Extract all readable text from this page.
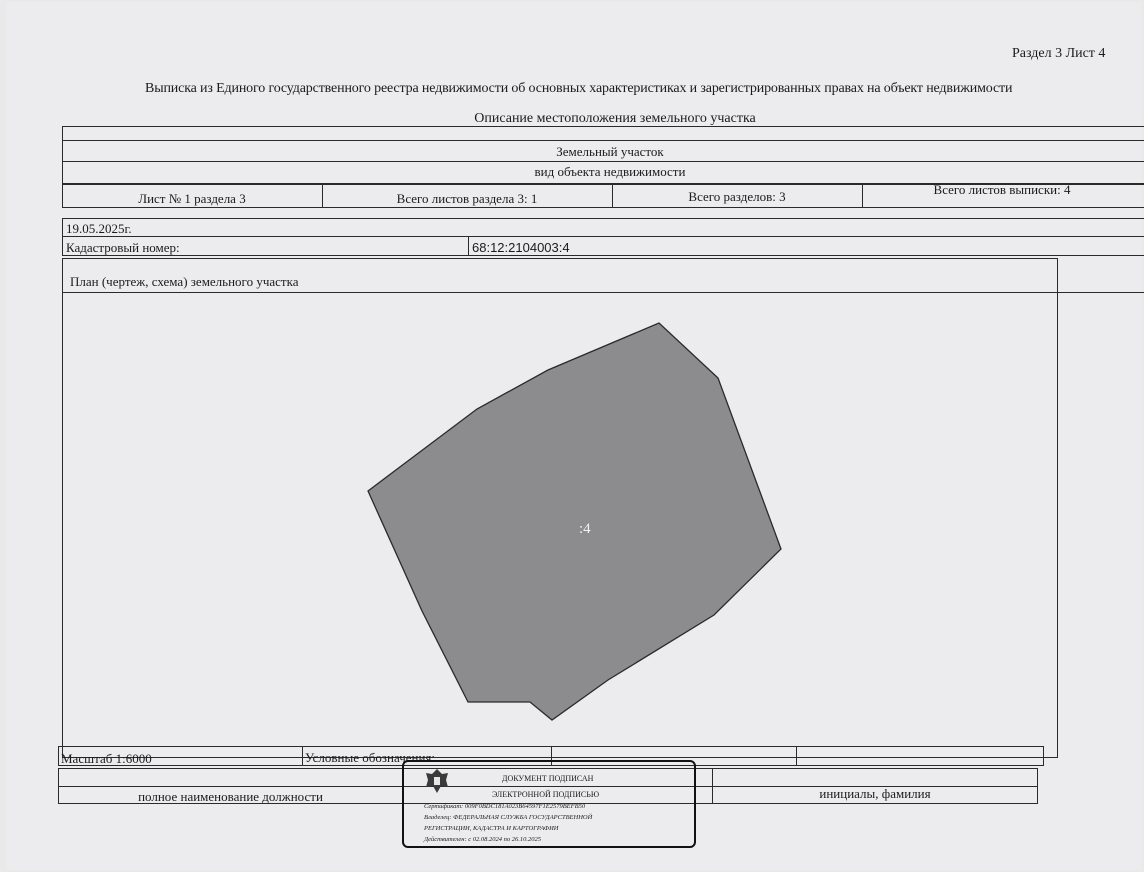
Раздел 3 Лист 4
Выписка из Единого государственного реестра недвижимости об основных характеристиках и зарегистрированных правах на объект недвижимости
Описание местоположения земельного участка
Земельный участок
вид объекта недвижимости
Лист № 1 раздела 3	Всего листов раздела 3: 1	Всего разделов: 3	Всего листов выписки: 4
19.05.2025г.
Кадастровый номер:	68:12:2104003:4
План (чертеж, схема) земельного участка
:4
Масштаб 1:6000	Условные обозначения:
полное наименование должности	инициалы, фамилия
ДОКУМЕНТ ПОДПИСАН
ЭЛЕКТРОННОЙ ПОДПИСЬЮ
Сертификат: 009F0BDC181A023B64597F1E2579BEFB50
Владелец: ФЕДЕРАЛЬНАЯ СЛУЖБА ГОСУДАРСТВЕННОЙ
РЕГИСТРАЦИИ, КАДАСТРА И КАРТОГРАФИИ
Действителен: с 02.08.2024 по 26.10.2025
